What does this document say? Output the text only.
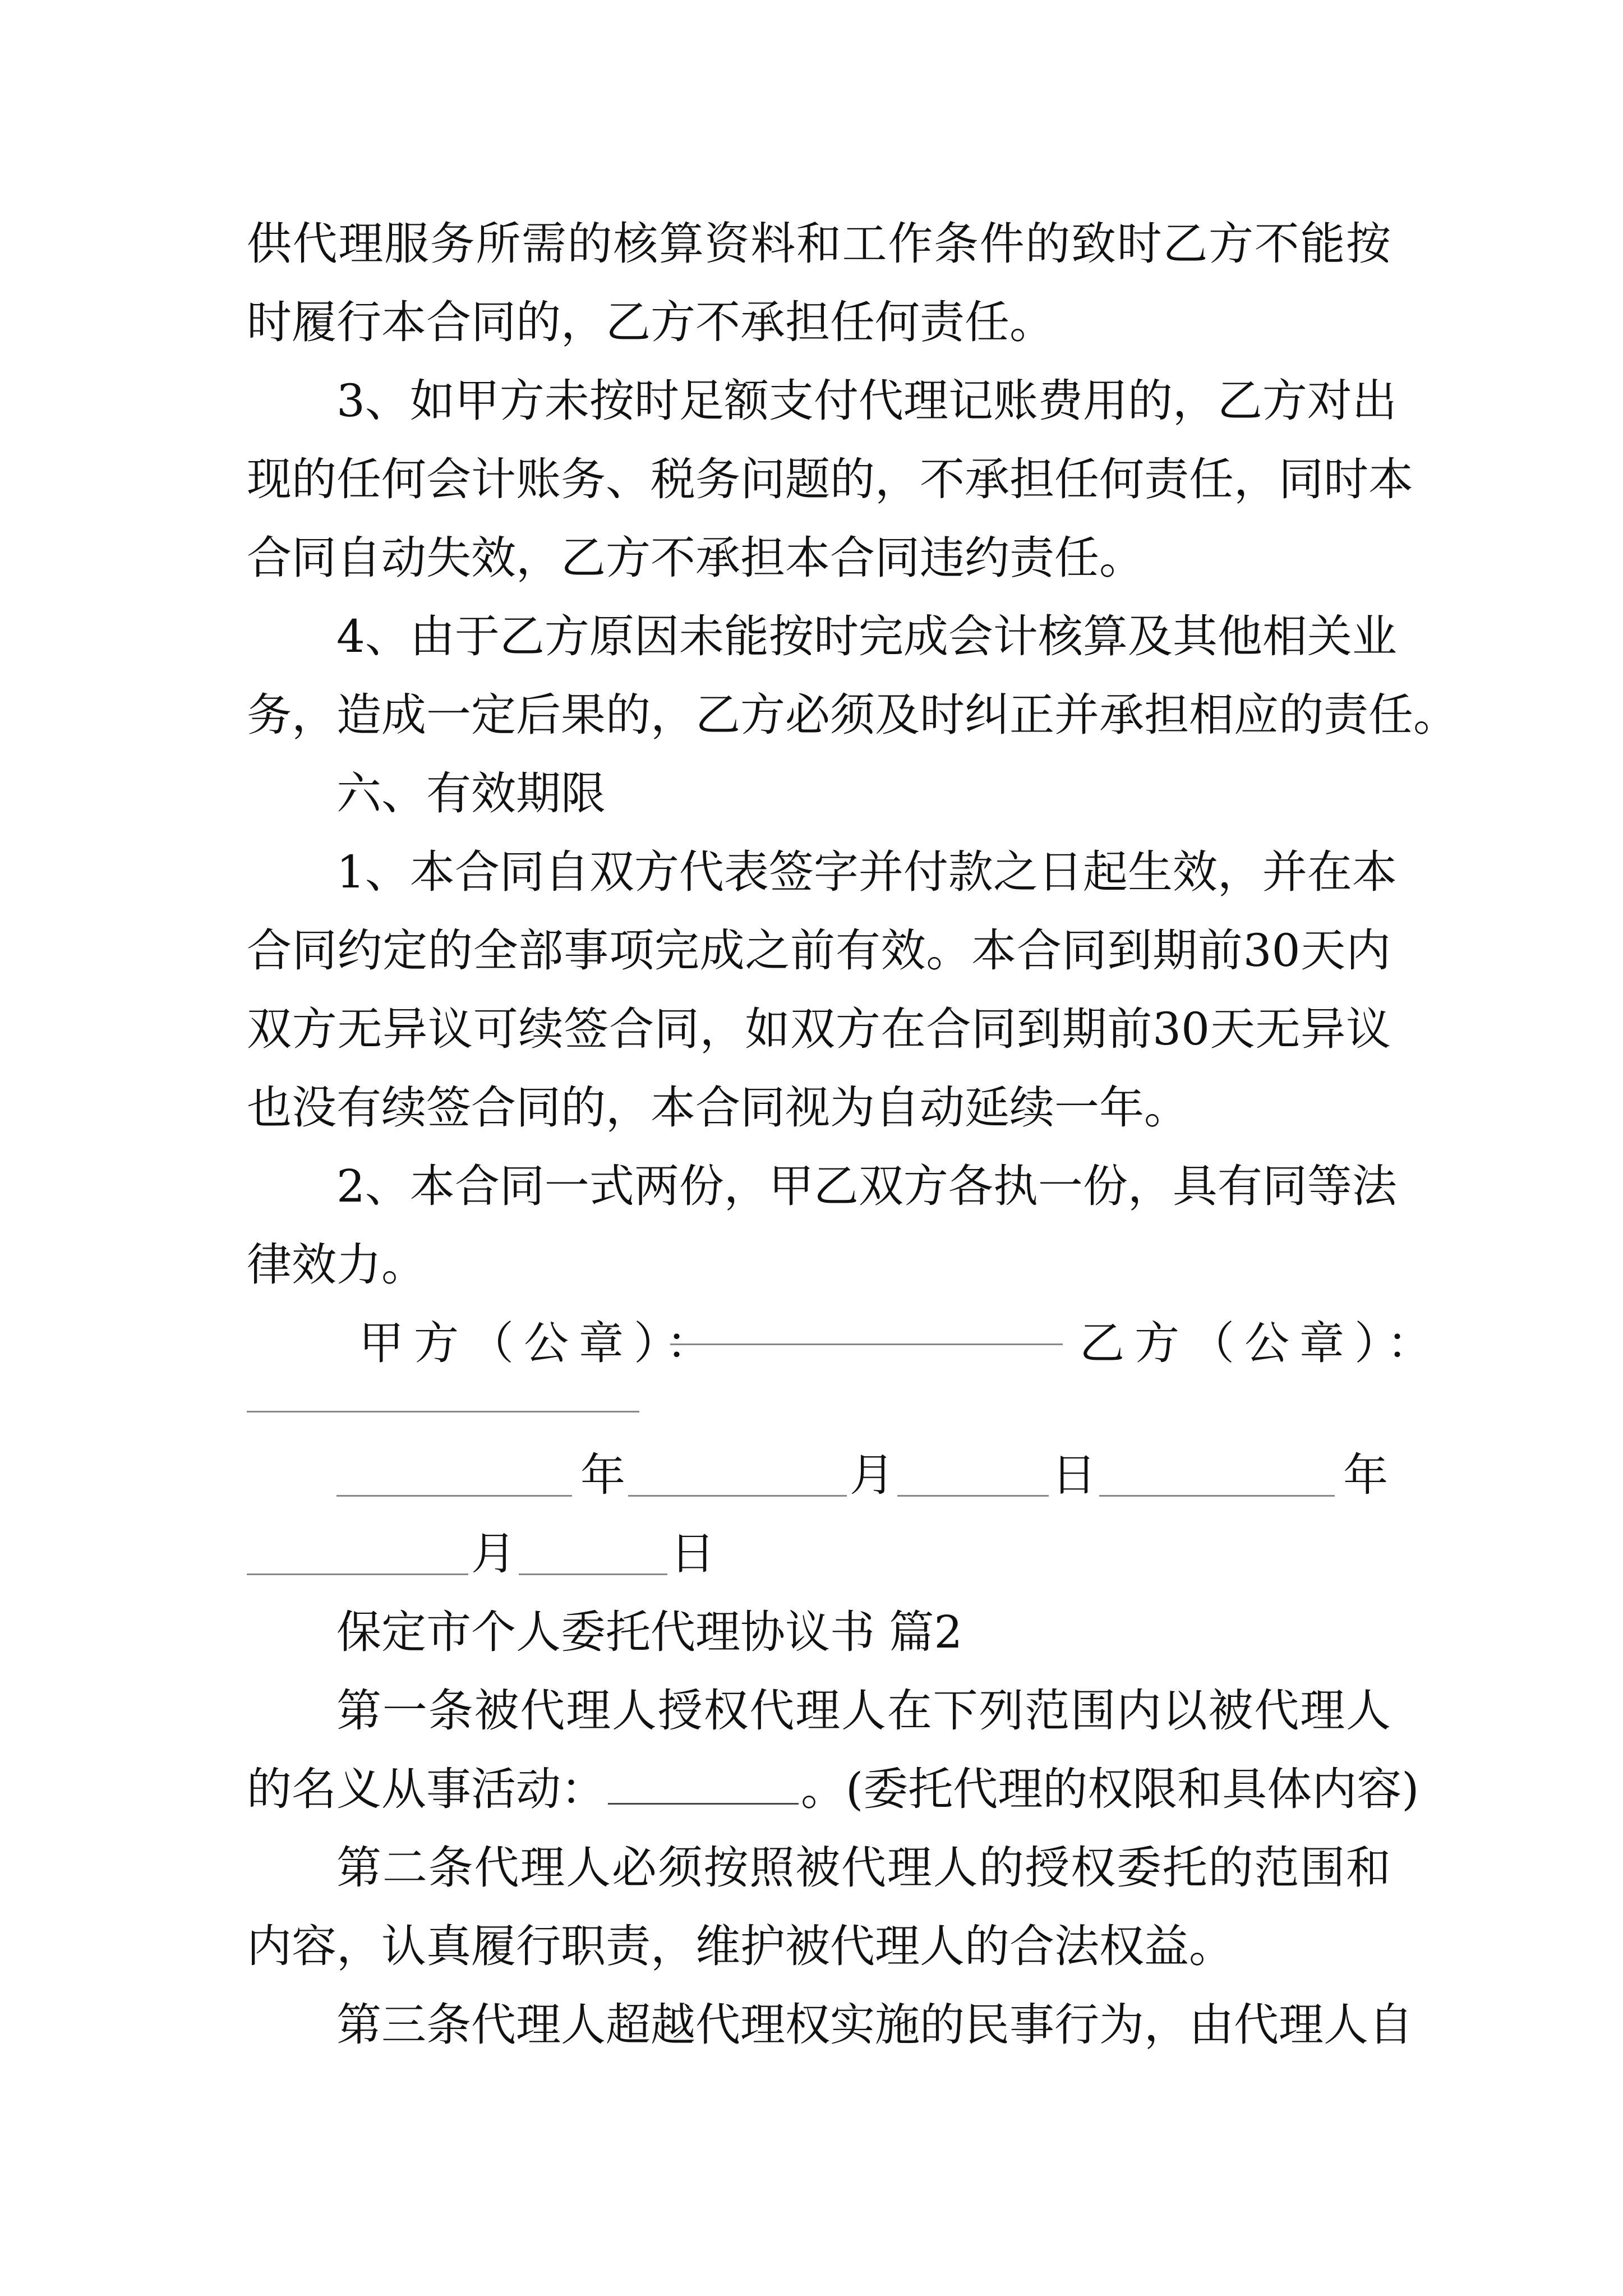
供代理服务所需的核算资料和工作条件的致时乙方不能按
时履行本合同的，乙方不承担任何责任。
3、如甲方未按时足额支付代理记账费用的，乙方对出
现的任何会计账务、税务问题的，不承担任何责任，同时本
合同自动失效，乙方不承担本合同违约责任。
4、由于乙方原因未能按时完成会计核算及其他相关业
务，造成一定后果的，乙方必须及时纠正并承担相应的责任。
六、有效期限
1、本合同自双方代表签字并付款之日起生效，并在本
合同约定的全部事项完成之前有效。本合同到期前30天内
双方无异议可续签合同，如双方在合同到期前30天无异议
也没有续签合同的，本合同视为自动延续一年。
2、本合同一式两份，甲乙双方各执一份，具有同等法
律效力。
甲方（公章）：	乙方（公章）：
年	月	日	年
月	日
保定市个人委托代理协议书 篇2
第一条被代理人授权代理人在下列范围内以被代理人
的名义从事活动：	。(委托代理的权限和具体内容)
第二条代理人必须按照被代理人的授权委托的范围和
内容，认真履行职责，维护被代理人的合法权益。
第三条代理人超越代理权实施的民事行为，由代理人自
